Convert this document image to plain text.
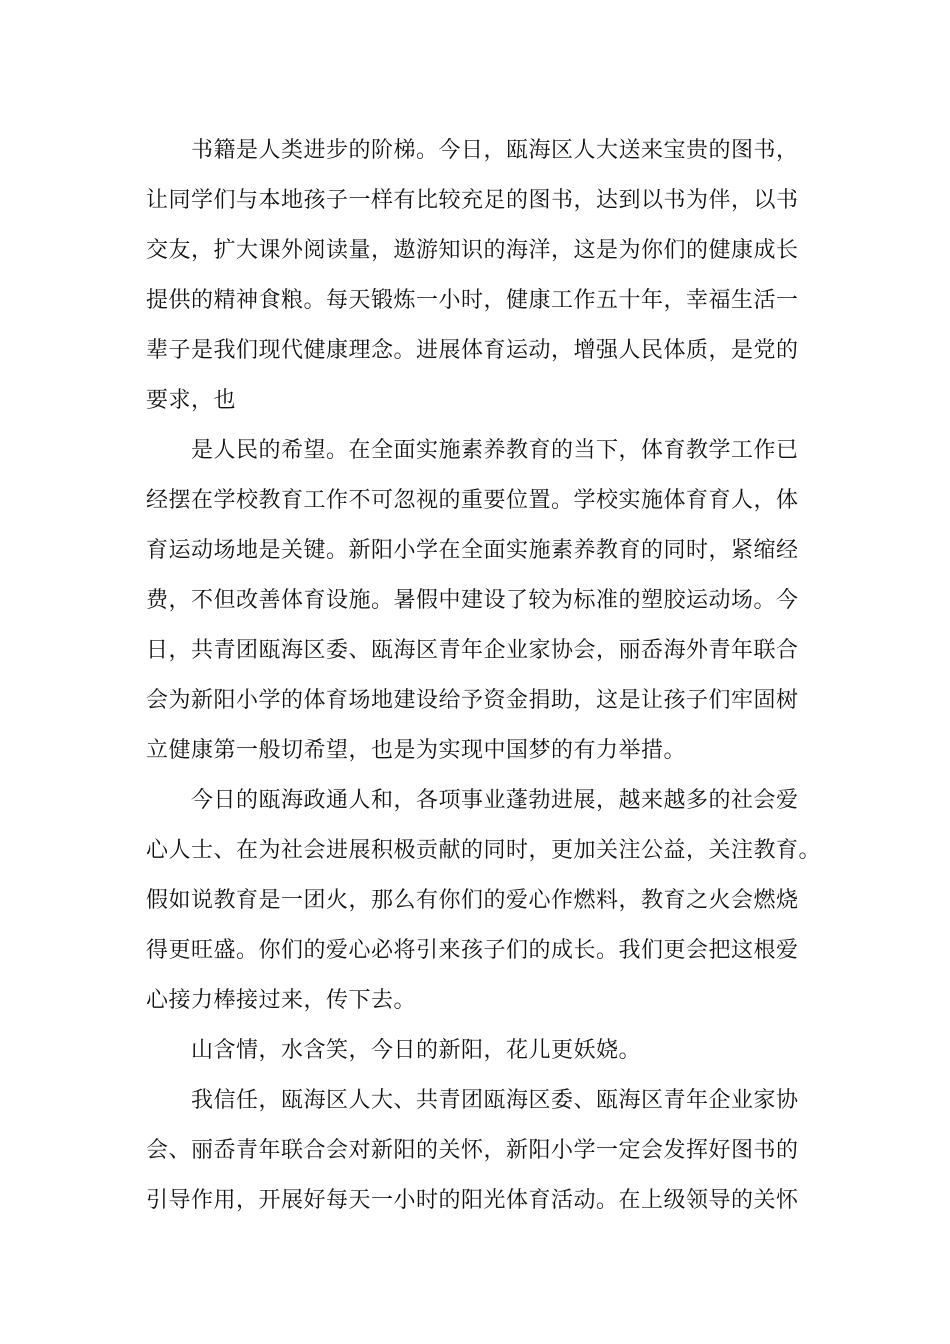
书籍是人类进步的阶梯。今日，瓯海区人大送来宝贵的图书，
让同学们与本地孩子一样有比较充足的图书，达到以书为伴，以书
交友，扩大课外阅读量，遨游知识的海洋，这是为你们的健康成长
提供的精神食粮。每天锻炼一小时，健康工作五十年，幸福生活一
辈子是我们现代健康理念。进展体育运动，增强人民体质，是党的
要求，也
是人民的希望。在全面实施素养教育的当下，体育教学工作已
经摆在学校教育工作不可忽视的重要位置。学校实施体育育人，体
育运动场地是关键。新阳小学在全面实施素养教育的同时，紧缩经
费，不但改善体育设施。暑假中建设了较为标准的塑胶运动场。今
日，共青团瓯海区委、瓯海区青年企业家协会，丽岙海外青年联合
会为新阳小学的体育场地建设给予资金捐助，这是让孩子们牢固树
立健康第一般切希望，也是为实现中国梦的有力举措。
今日的瓯海政通人和，各项事业蓬勃进展，越来越多的社会爱
心人士、在为社会进展积极贡献的同时，更加关注公益，关注教育。
假如说教育是一团火，那么有你们的爱心作燃料，教育之火会燃烧
得更旺盛。你们的爱心必将引来孩子们的成长。我们更会把这根爱
心接力棒接过来，传下去。
山含情，水含笑，今日的新阳，花儿更妖娆。
我信任，瓯海区人大、共青团瓯海区委、瓯海区青年企业家协
会、丽岙青年联合会对新阳的关怀，新阳小学一定会发挥好图书的
引导作用，开展好每天一小时的阳光体育活动。在上级领导的关怀
